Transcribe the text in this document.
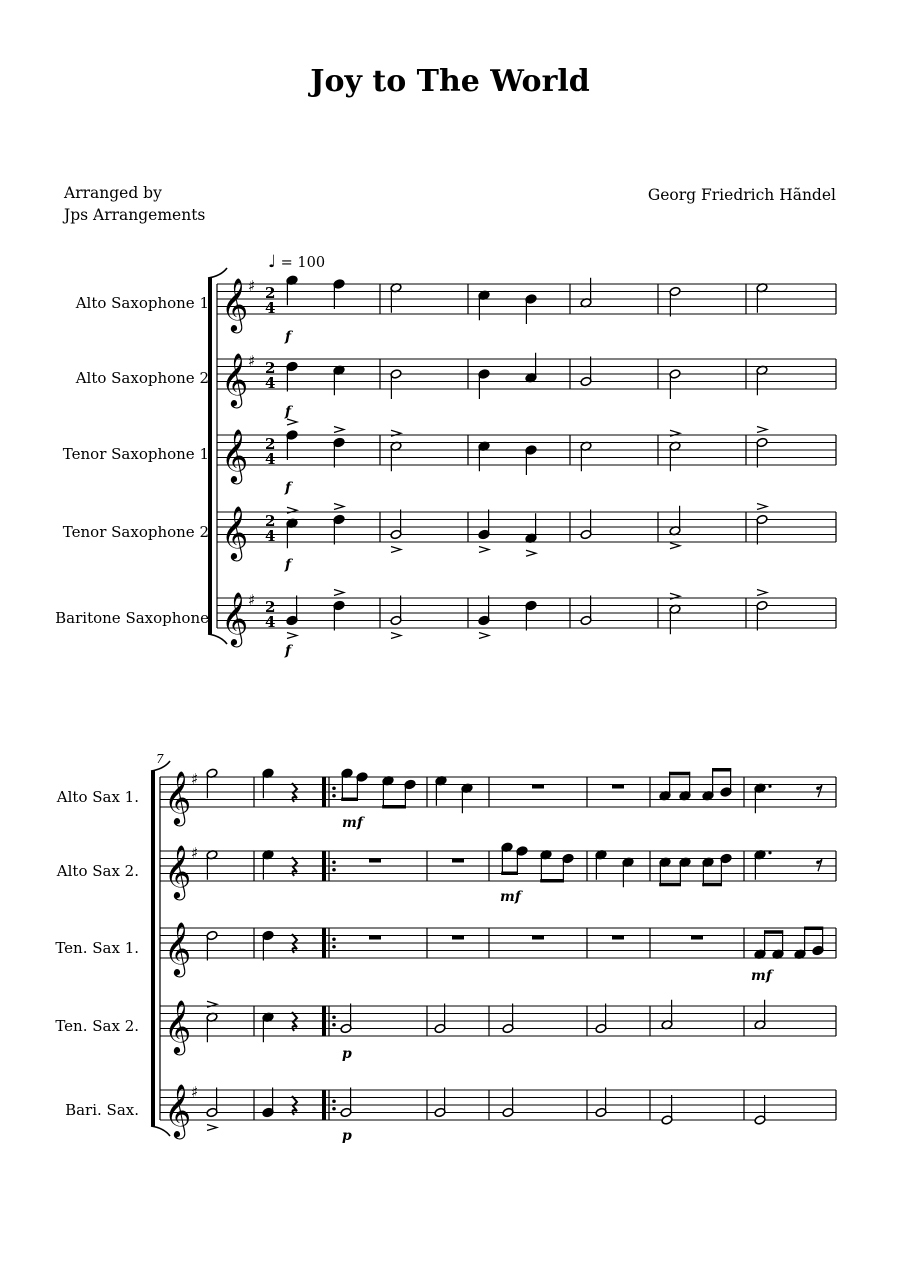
Joy to The World
Arranged by
Jps Arrangements
Georg Friedrich Hãndel
♩ = 100
Alto Saxophone 1
Alto Saxophone 2
Tenor Saxophone 1
Tenor Saxophone 2
Baritone Saxophone
7
Alto Sax 1.
Alto Sax 2.
Ten. Sax 1.
Ten. Sax 2.
Bari. Sax.
𝄞 ♯ 2
4
f
𝄞 ♯ 2
4
f
𝄞 2
4
f
𝄞 2
4
f
𝄞 ♯ 2
4
f
𝄞 ♯
𝄞 ♯
𝄞
𝄞
𝄞 ♯
mf
mf
mf
p
p
